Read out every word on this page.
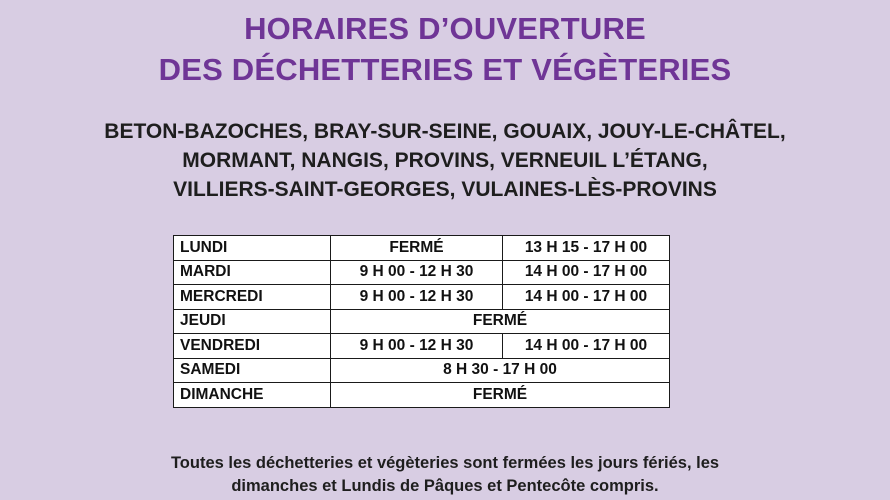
HORAIRES D’OUVERTURE
DES DÉCHETTERIES ET VÉGÈTERIES
BETON-BAZOCHES, BRAY-SUR-SEINE, GOUAIX, JOUY-LE-CHÂTEL,
MORMANT, NANGIS, PROVINS, VERNEUIL L’ÉTANG,
VILLIERS-SAINT-GEORGES, VULAINES-LÈS-PROVINS
LUNDI	FERMÉ	13 H 15 - 17 H 00
MARDI	9 H 00 - 12 H 30	14 H 00 - 17 H 00
MERCREDI	9 H 00 - 12 H 30	14 H 00 - 17 H 00
JEUDI	FERMÉ	
VENDREDI	9 H 00 - 12 H 30	14 H 00 - 17 H 00
SAMEDI	8 H 30 - 17 H 00	
DIMANCHE	FERMÉ	
Toutes les déchetteries et végèteries sont fermées les jours fériés, les
dimanches et Lundis de Pâques et Pentecôte compris.
